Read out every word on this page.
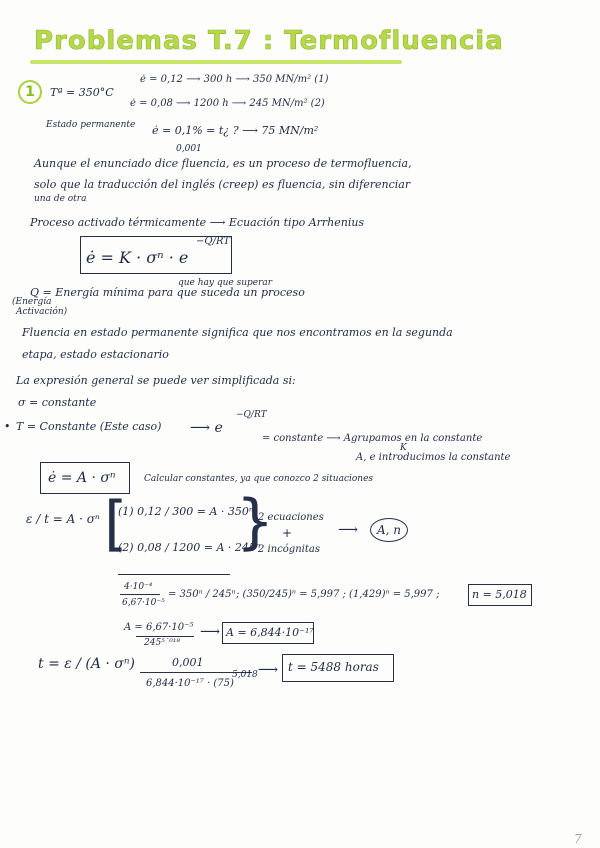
Problemas T.7 : Termofluencia
1	Tª = 350°C
ė = 0,12 ⟶ 300 h ⟶ 350 MN/m² (1)
ė = 0,08 ⟶ 1200 h ⟶ 245 MN/m² (2)
Estado permanente ė = 0,1% = t¿ ? ⟶ 75 MN/m²
0,001
Aunque el enunciado dice fluencia, es un proceso de termofluencia,
solo que la traducción del inglés (creep) es fluencia, sin diferenciar
una de otra
Proceso activado térmicamente ⟶ Ecuación tipo Arrhenius
ė = K · σⁿ · e
−Q/RT
que hay que superar
Q = Energía mínima para que suceda un proceso
(Energía
Activación)
Fluencia en estado permanente significa que nos encontramos en la segunda
etapa, estado estacionario
La expresión general se puede ver simplificada si:
σ = constante
• T = Constante (Este caso) ⟶ e
−Q/RT
= constante ⟶ Agrupamos en la constante
K
A, e introducimos la constante
ė = A · σⁿ	Calcular constantes, ya que conozco 2 situaciones
ε / t = A · σⁿ [
(1) 0,12 / 300 = A · 350ⁿ
(2) 0,08 / 1200 = A · 245ⁿ
}
2 ecuaciones
+
2 incógnitas
⟶	A, n
4·10⁻⁴
6,67·10⁻⁵
= 350ⁿ / 245ⁿ ; (350/245)ⁿ = 5,997 ; (1,429)ⁿ = 5,997 ;	n = 5,018
A = 6,67·10⁻⁵
245⁵˙⁰¹⁸
⟶ A = 6,844·10⁻¹⁷
t = ε / (A · σⁿ)	0,001
6,844·10⁻¹⁷ · (75)
5,018 ⟶ t = 5488 horas
7
